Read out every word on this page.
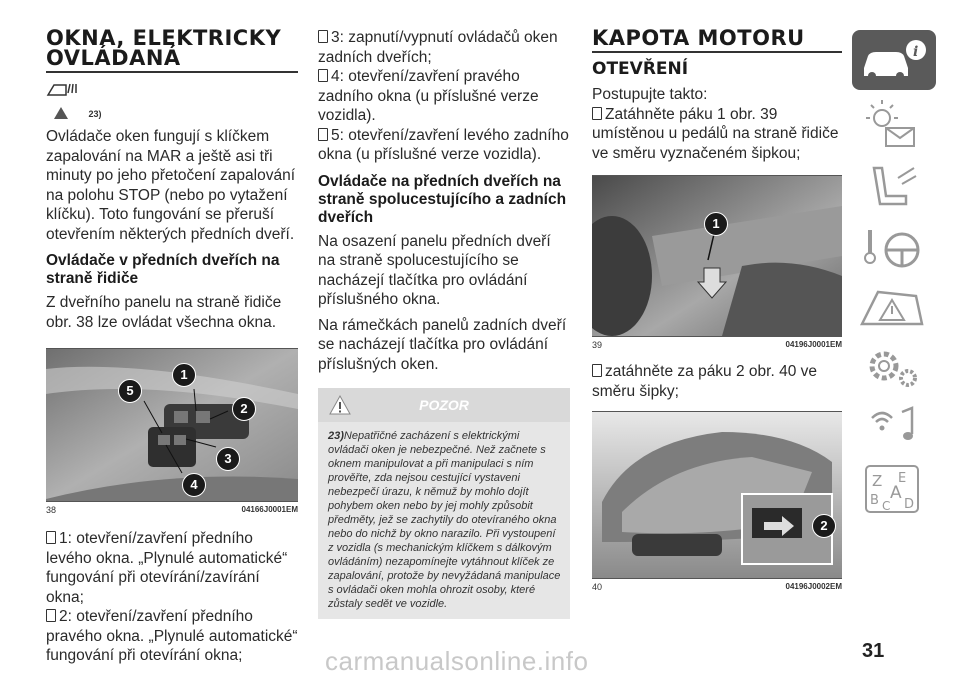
OKNA, ELEKTRICKY OVLÁDANÁ
23)

Ovládače oken fungují s klíčkem zapalování na MAR a ještě asi tři minuty po jeho přetočení zapalování na polohu STOP (nebo po vytažení klíčku). Toto fungování se přeruší otevřením některých předních dveří.

Ovládače v předních dveřích na straně řidiče

Z dveřního panelu na straně řidiče obr. 38 lze ovládat všechna okna.

1
2
3
4
5
38	04166J0001EM

1: otevření/zavření předního levého okna. „Plynulé automatické“ fungování při otevírání/zavírání okna;

2: otevření/zavření předního pravého okna. „Plynulé automatické“ fungování při otevírání okna;

3: zapnutí/vypnutí ovládačů oken zadních dveřích;

4: otevření/zavření pravého zadního okna (u příslušné verze vozidla).

5: otevření/zavření levého zadního okna (u příslušné verze vozidla).

Ovládače na předních dveřích na straně spolucestujícího a zadních dveřích

Na osazení panelu předních dveří na straně spolucestujícího se nacházejí tlačítka pro ovládání příslušného okna.

Na rámečkách panelů zadních dveří se nacházejí tlačítka pro ovládání příslušných oken.

POZOR
23)Nepatřičné zacházení s elektrickými ovládači oken je nebezpečné. Než začnete s oknem manipulovat a při manipulaci s ním prověřte, zda nejsou cestující vystaveni nebezpečí úrazu, k němuž by mohlo dojít pohybem oken nebo by jej mohly způsobit předměty, jež se zachytily do otevíraného okna nebo do nichž by okno narazilo. Při vystoupení z vozidla (s mechanickým klíčkem s dálkovým ovládáním) nezapomínejte vytáhnout klíček ze zapalování, protože by nevyžádaná manipulace s ovládači oken mohla ohrozit osoby, které zůstaly sedět ve vozidle.
KAPOTA MOTORU
OTEVŘENÍ

Postupujte takto:

Zatáhněte páku 1 obr. 39 umístěnou u pedálů na straně řidiče ve směru vyznačeném šipkou;

1
39	04196J0001EM

zatáhněte za páku 2 obr. 40 ve směru šipky;

2
40	04196J0002EM
i
Z E
A
B C D
carmanualsonline.info	31
